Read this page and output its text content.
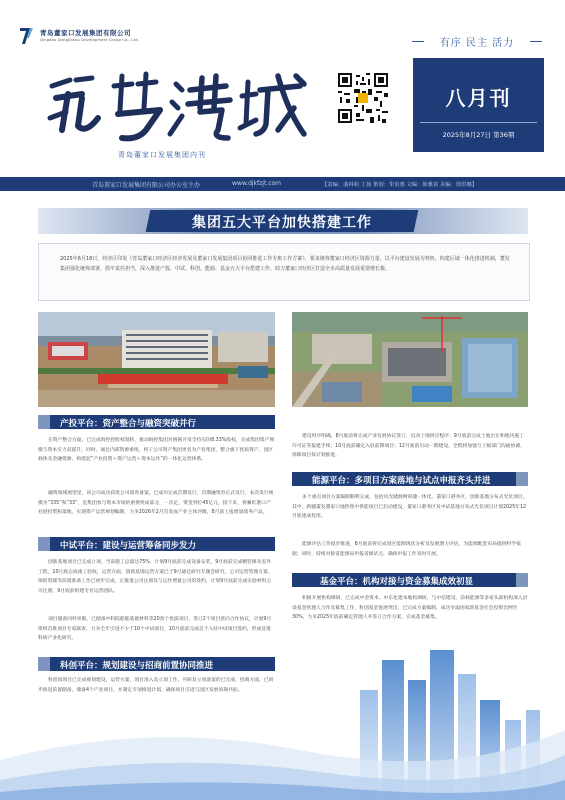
青岛董家口发展集团有限公司
Qingdao Dongjiakou Development Group Co., Ltd.	有序 民主 活力
青岛董家口发展集团内刊
八月刊
2025年8月27日 第36期
青岛董家口发展集团有限公司办公室主办	www.djkfzjt.com	【责编：曲林和 丁扬 策划：朱伯惠 文编：陈雅真 美编：徐洪娜】
集团五大平台加快搭建工作
2025年6月18日，经济区印发《青岛董家口经济区经济发展及董家口发展集团项目协同推进工作专班工作方案》，要求统筹董家口经济区资源力量，以平台建设发展为契机，构建区域一体化推进机制，董发集团强化统筹部署，抓牢责任担当，深入推进产投、中试、科创、能源、基金五大平台搭建工作，助力董家口经济区打造全市高质量发展重要增长极。
产投平台：资产整合与融资突破并行
在资产整合方面，已完成海控控股权划转，推动海控集团对圆圆开发全持有的8.33%股权，完成集团资产规模与资本实力双提升，同时，通过内部资源重组，将子公司资产集团更名为产投集团，整合旗下优质资产、园区载体及金融资源，构建起“产业投资＋资产运营＋资本运作”的一体化运营体系。
融资领域展望里，该公司成功获批公司债券备案，已成功完成首期发行，首期融资券正式发行，本次发行规模为“335”和“33”，是集团参与资本市场的重要组成部分，一次定，资金到位45亿元，接下来，将紧盯港口产业链投资和落地，实现资产运营规划编制，力争2026年2月首发成产业主体评级，8月前上报增量债务产品。
中试平台：建设与运营筹备同步发力
创新基地项目已完成立项，当前施工总量达75%，计划9月底前完成设备安装，9月底前完成精装修及室外工程，10月底完成竣工验收，运营方面，创新基地运营方案已于9月通过研究专题会研究，公司运营管理方案、保险管理等前置准备工作已初步完成，正推进公司注册及与运作增量公司的签约，计划9月底前完成实验材料公司注册，9月底前组建专业运营团队。
项目储备同样亮眼，已储备中科院船舶基础材料等20余个优质项目，签订2个项目意向合作协议，计划9月组织首批项目专家联审，力争全年引进不少于10个中试项目，10月底前完成首个入驻中试项目签约，形成首批科研产业化研究。
科创平台：规划建设与招商前置协同推进
科创园项目已完成规划建设，运营方案，项目准入及立项工作，可研及立项备案的已完成，招商方面，已同步推进前置储备，储备4个产业项目，并制定专项推进计划，确保项目引进与园区发展同频共振。
建设时序明确，8月底前将完成产业发展协议签订，启动土地供应程序；9月底前完成土地出让和地块施工许可证等报建手续；10月底前确定入驻前期项目；12月底前启动一期建设，全程将加强与上级部门沟通协调，保障项目按计划推进。
能源平台：多项目方案落地与试点申报齐头并进
多个重点项目方案编制顺利完成，包括风光储源网荷储一体化、董家口港务区，创新基地分布式光伏项目。其中，新疆董发董家口地热集中供能项目已启动建设，董家口港务区及中试基地分布式光伏项目计划2025年12月底建成投用。
能源评估工作稳步推进，8月底前将完成园区能源现状分析及发展潜力评估，为能源配套布局提供科学依据；同时，持续对接省能源局申报省级试点，确保申报工作及时开展。
基金平台：机构对接与资金募集成效初显
积极开展机构调研，已完成中金资本、中东化建本地构调研，与中信建设、前柿能源等多家头部机构深入洽谈基金管理人合作及募集工作，科创基金进展突出，已完成方案编制，成功争取国家新基金社会投资比例至30%，力争2025年底前确定管理人并签订合作方案，完成基金募集。
